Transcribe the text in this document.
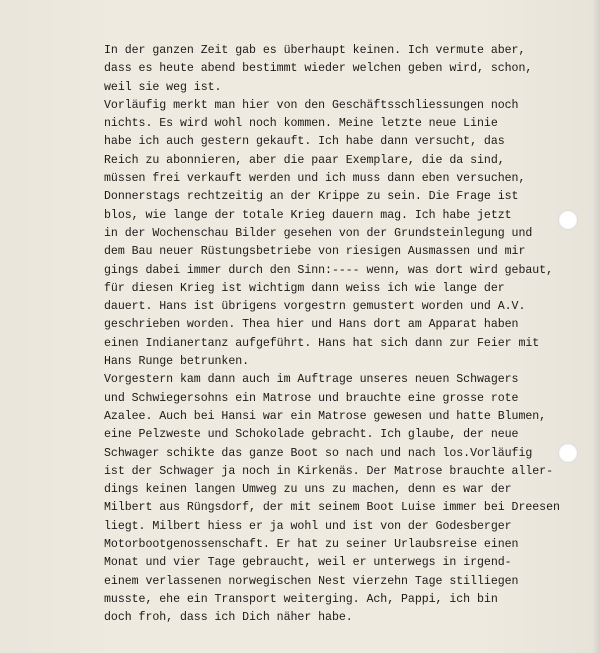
In der ganzen Zeit gab es überhaupt keinen. Ich vermute aber,
dass es heute abend bestimmt wieder welchen geben wird, schon,
weil sie weg ist.
Vorläufig merkt man hier von den Geschäftsschliessungen noch
nichts. Es wird wohl noch kommen. Meine letzte neue Linie
habe ich auch gestern gekauft. Ich habe dann versucht, das
Reich zu abonnieren, aber die paar Exemplare, die da sind,
müssen frei verkauft werden und ich muss dann eben versuchen,
Donnerstags rechtzeitig an der Krippe zu sein. Die Frage ist
blos, wie lange der totale Krieg dauern mag. Ich habe jetzt
in der Wochenschau Bilder gesehen von der Grundsteinlegung und
dem Bau neuer Rüstungsbetriebe von riesigen Ausmassen und mir
gings dabei immer durch den Sinn:---- wenn, was dort wird gebaut,
für diesen Krieg ist wichtigm dann weiss ich wie lange der
dauert. Hans ist übrigens vorgestrn gemustert worden und A.V.
geschrieben worden. Thea hier und Hans dort am Apparat haben
einen Indianertanz aufgeführt. Hans hat sich dann zur Feier mit
Hans Runge betrunken.
Vorgestern kam dann auch im Auftrage unseres neuen Schwagers
und Schwiegersohns ein Matrose und brauchte eine grosse rote
Azalee. Auch bei Hansi war ein Matrose gewesen und hatte Blumen,
eine Pelzweste und Schokolade gebracht. Ich glaube, der neue
Schwager schikte das ganze Boot so nach und nach los.Vorläufig
ist der Schwager ja noch in Kirkenäs. Der Matrose brauchte aller-
dings keinen langen Umweg zu uns zu machen, denn es war der
Milbert aus Rüngsdorf, der mit seinem Boot Luise immer bei Dreesen
liegt. Milbert hiess er ja wohl und ist von der Godesberger
Motorbootgenossenschaft. Er hat zu seiner Urlaubsreise einen
Monat und vier Tage gebraucht, weil er unterwegs in irgend-
einem verlassenen norwegischen Nest vierzehn Tage stilliegen
musste, ehe ein Transport weiterging. Ach, Pappi, ich bin
doch froh, dass ich Dich näher habe.
